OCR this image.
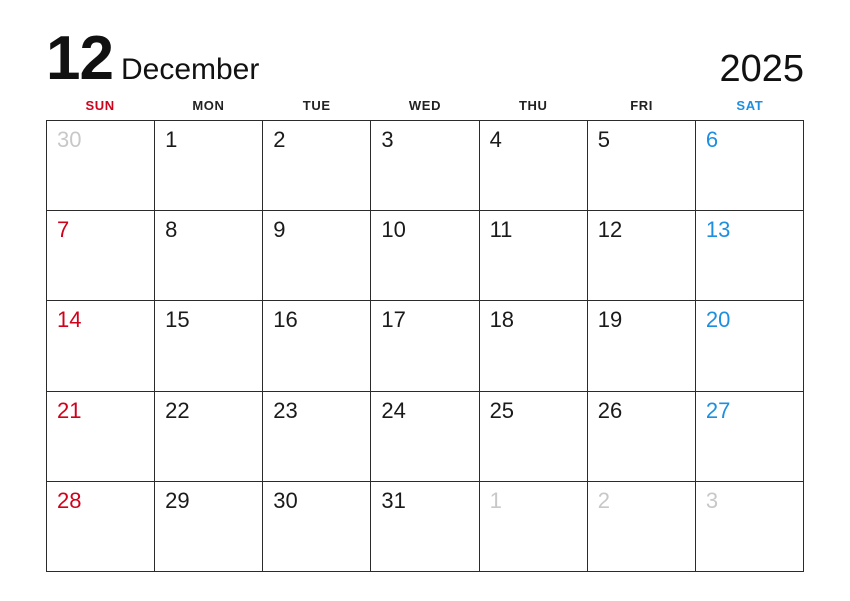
12 December	2025
SUN	MON	TUE	WED	THU	FRI	SAT
30	1	2	3	4	5	6
7	8	9	10	11	12	13
14	15	16	17	18	19	20
21	22	23	24	25	26	27
28	29	30	31	1	2	3
